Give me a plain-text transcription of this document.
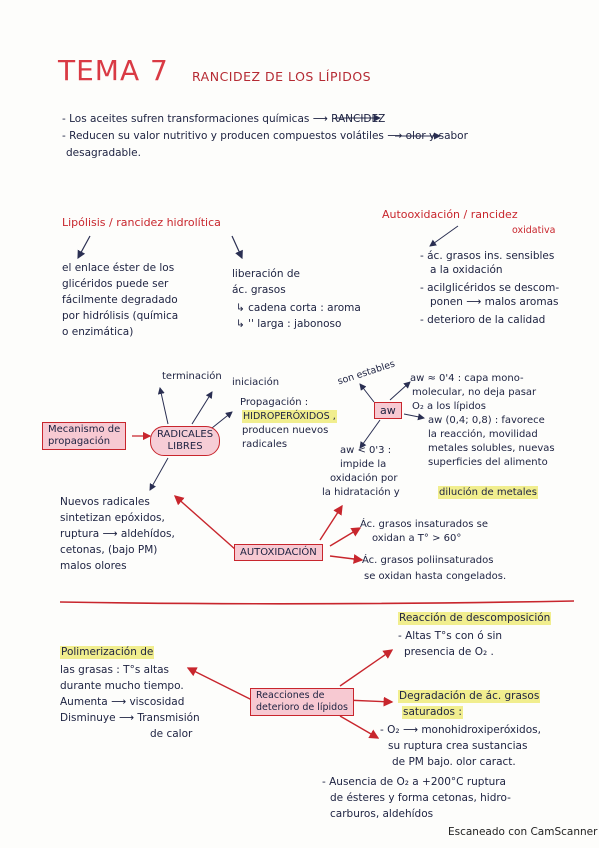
TEMA 7 RANCIDEZ DE LOS LÍPIDOS
- Los aceites sufren transformaciones químicas ⟶ RANCIDEZ
- Reducen su valor nutritivo y producen compuestos volátiles ⟶ olor y sabor
desagradable.
Lipólisis / rancidez hidrolítica
el enlace éster de los
glicéridos puede ser
fácilmente degradado
por hidrólisis (química
o enzimática)
liberación de
ác. grasos
↳ cadena corta : aroma
↳ '' larga : jabonoso
Autooxidación / rancidez
oxidativa
- ác. grasos ins. sensibles
a la oxidación
- acilglicéridos se descom-
ponen ⟶ malos aromas
- deterioro de la calidad
Mecanismo de
propagación
RADICALES
LIBRES
terminación
iniciación
Propagación :
HIDROPERÓXIDOS ,
producen nuevos
radicales
son estables
Nuevos radicales
sintetizan epóxidos,
ruptura ⟶ aldehídos,
cetonas, (bajo PM)
malos olores
aw
aw ≈ 0'4 : capa mono-
molecular, no deja pasar
O₂ a los lípidos
aw (0,4; 0,8) : favorece
la reacción, movilidad
metales solubles, nuevas
superficies del alimento
aw < 0'3 :
impide la
oxidación por
la hidratación y	dilución de metales
AUTOXIDACIÓN
Ác. grasos insaturados se
oxidan a T° > 60°
Ác. grasos poliinsaturados
se oxidan hasta congelados.
Polimerización de
las grasas : T°s altas
durante mucho tiempo.
Aumenta ⟶ viscosidad
Disminuye ⟶ Transmisión
de calor
Reacciones de
deterioro de lípidos
Reacción de descomposición
- Altas T°s con ó sin
presencia de O₂ .
Degradación de ác. grasos
saturados :
- O₂ ⟶ monohidroxiperóxidos,
su ruptura crea sustancias
de PM bajo. olor caract.
- Ausencia de O₂ a +200°C ruptura
de ésteres y forma cetonas, hidro-
carburos, aldehídos
Escaneado con CamScanner
